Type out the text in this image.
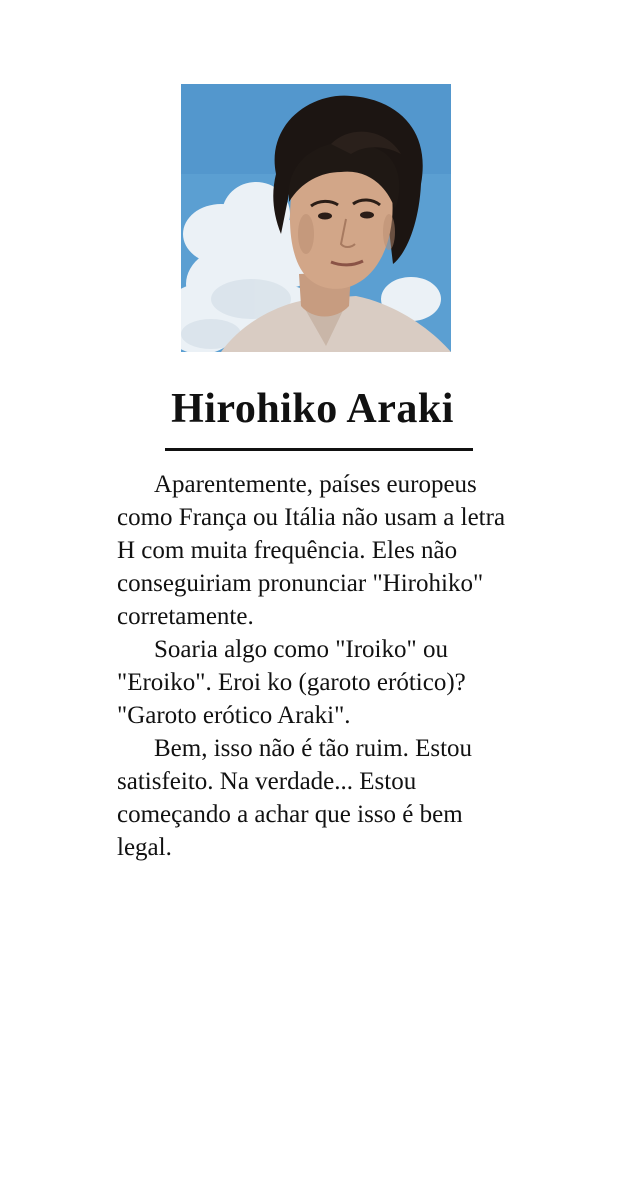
Hirohiko Araki

Aparentemente, países europeus como França ou Itália não usam a letra H com muita frequência. Eles não conseguiriam pronunciar "Hirohiko" corretamente.

Soaria algo como "Iroiko" ou "Eroiko". Eroi ko (garoto erótico)? "Garoto erótico Araki".

Bem, isso não é tão ruim. Estou satisfeito. Na verdade... Estou começando a achar que isso é bem legal.
